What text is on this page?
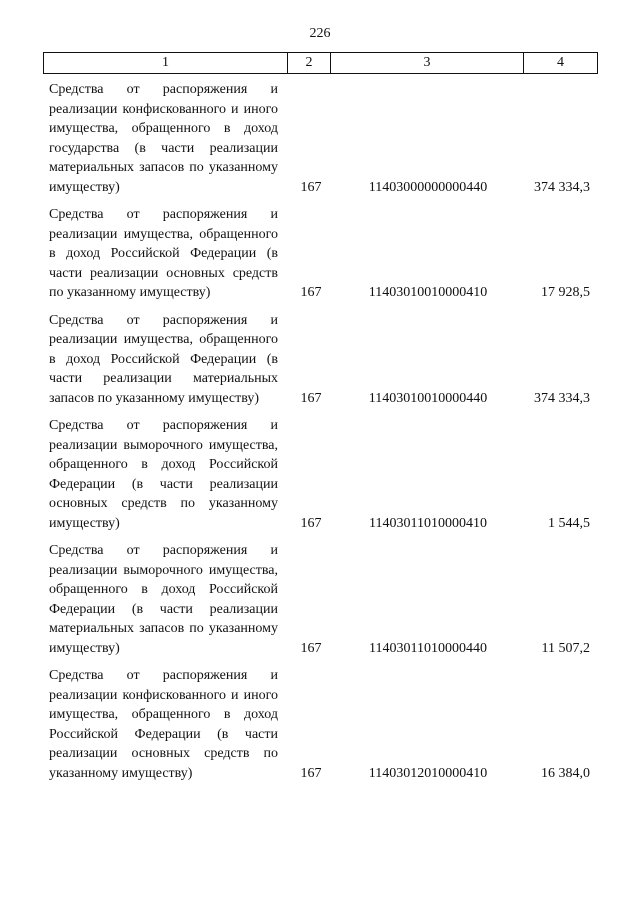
226
1	2	3	4
Средства от распоряжения и реализации конфискованного и иного имущества, обращенного в доход государства (в части реализации материальных запасов по указанному имуществу)	167	11403000000000440	374 334,3
Средства от распоряжения и реализации имущества, обращенного в доход Российской Федерации (в части реализации основных средств по указанному имуществу)	167	11403010010000410	17 928,5
Средства от распоряжения и реализации имущества, обращенного в доход Российской Федерации (в части реализации материальных запасов по указанному имуществу)	167	11403010010000440	374 334,3
Средства от распоряжения и реализации выморочного имущества, обращенного в доход Российской Федерации (в части реализации основных средств по указанному имуществу)	167	11403011010000410	1 544,5
Средства от распоряжения и реализации выморочного имущества, обращенного в доход Российской Федерации (в части реализации материальных запасов по указанному имуществу)	167	11403011010000440	11 507,2
Средства от распоряжения и реализации конфискованного и иного имущества, обращенного в доход Российской Федерации (в части реализации основных средств по указанному имуществу)	167	11403012010000410	16 384,0
